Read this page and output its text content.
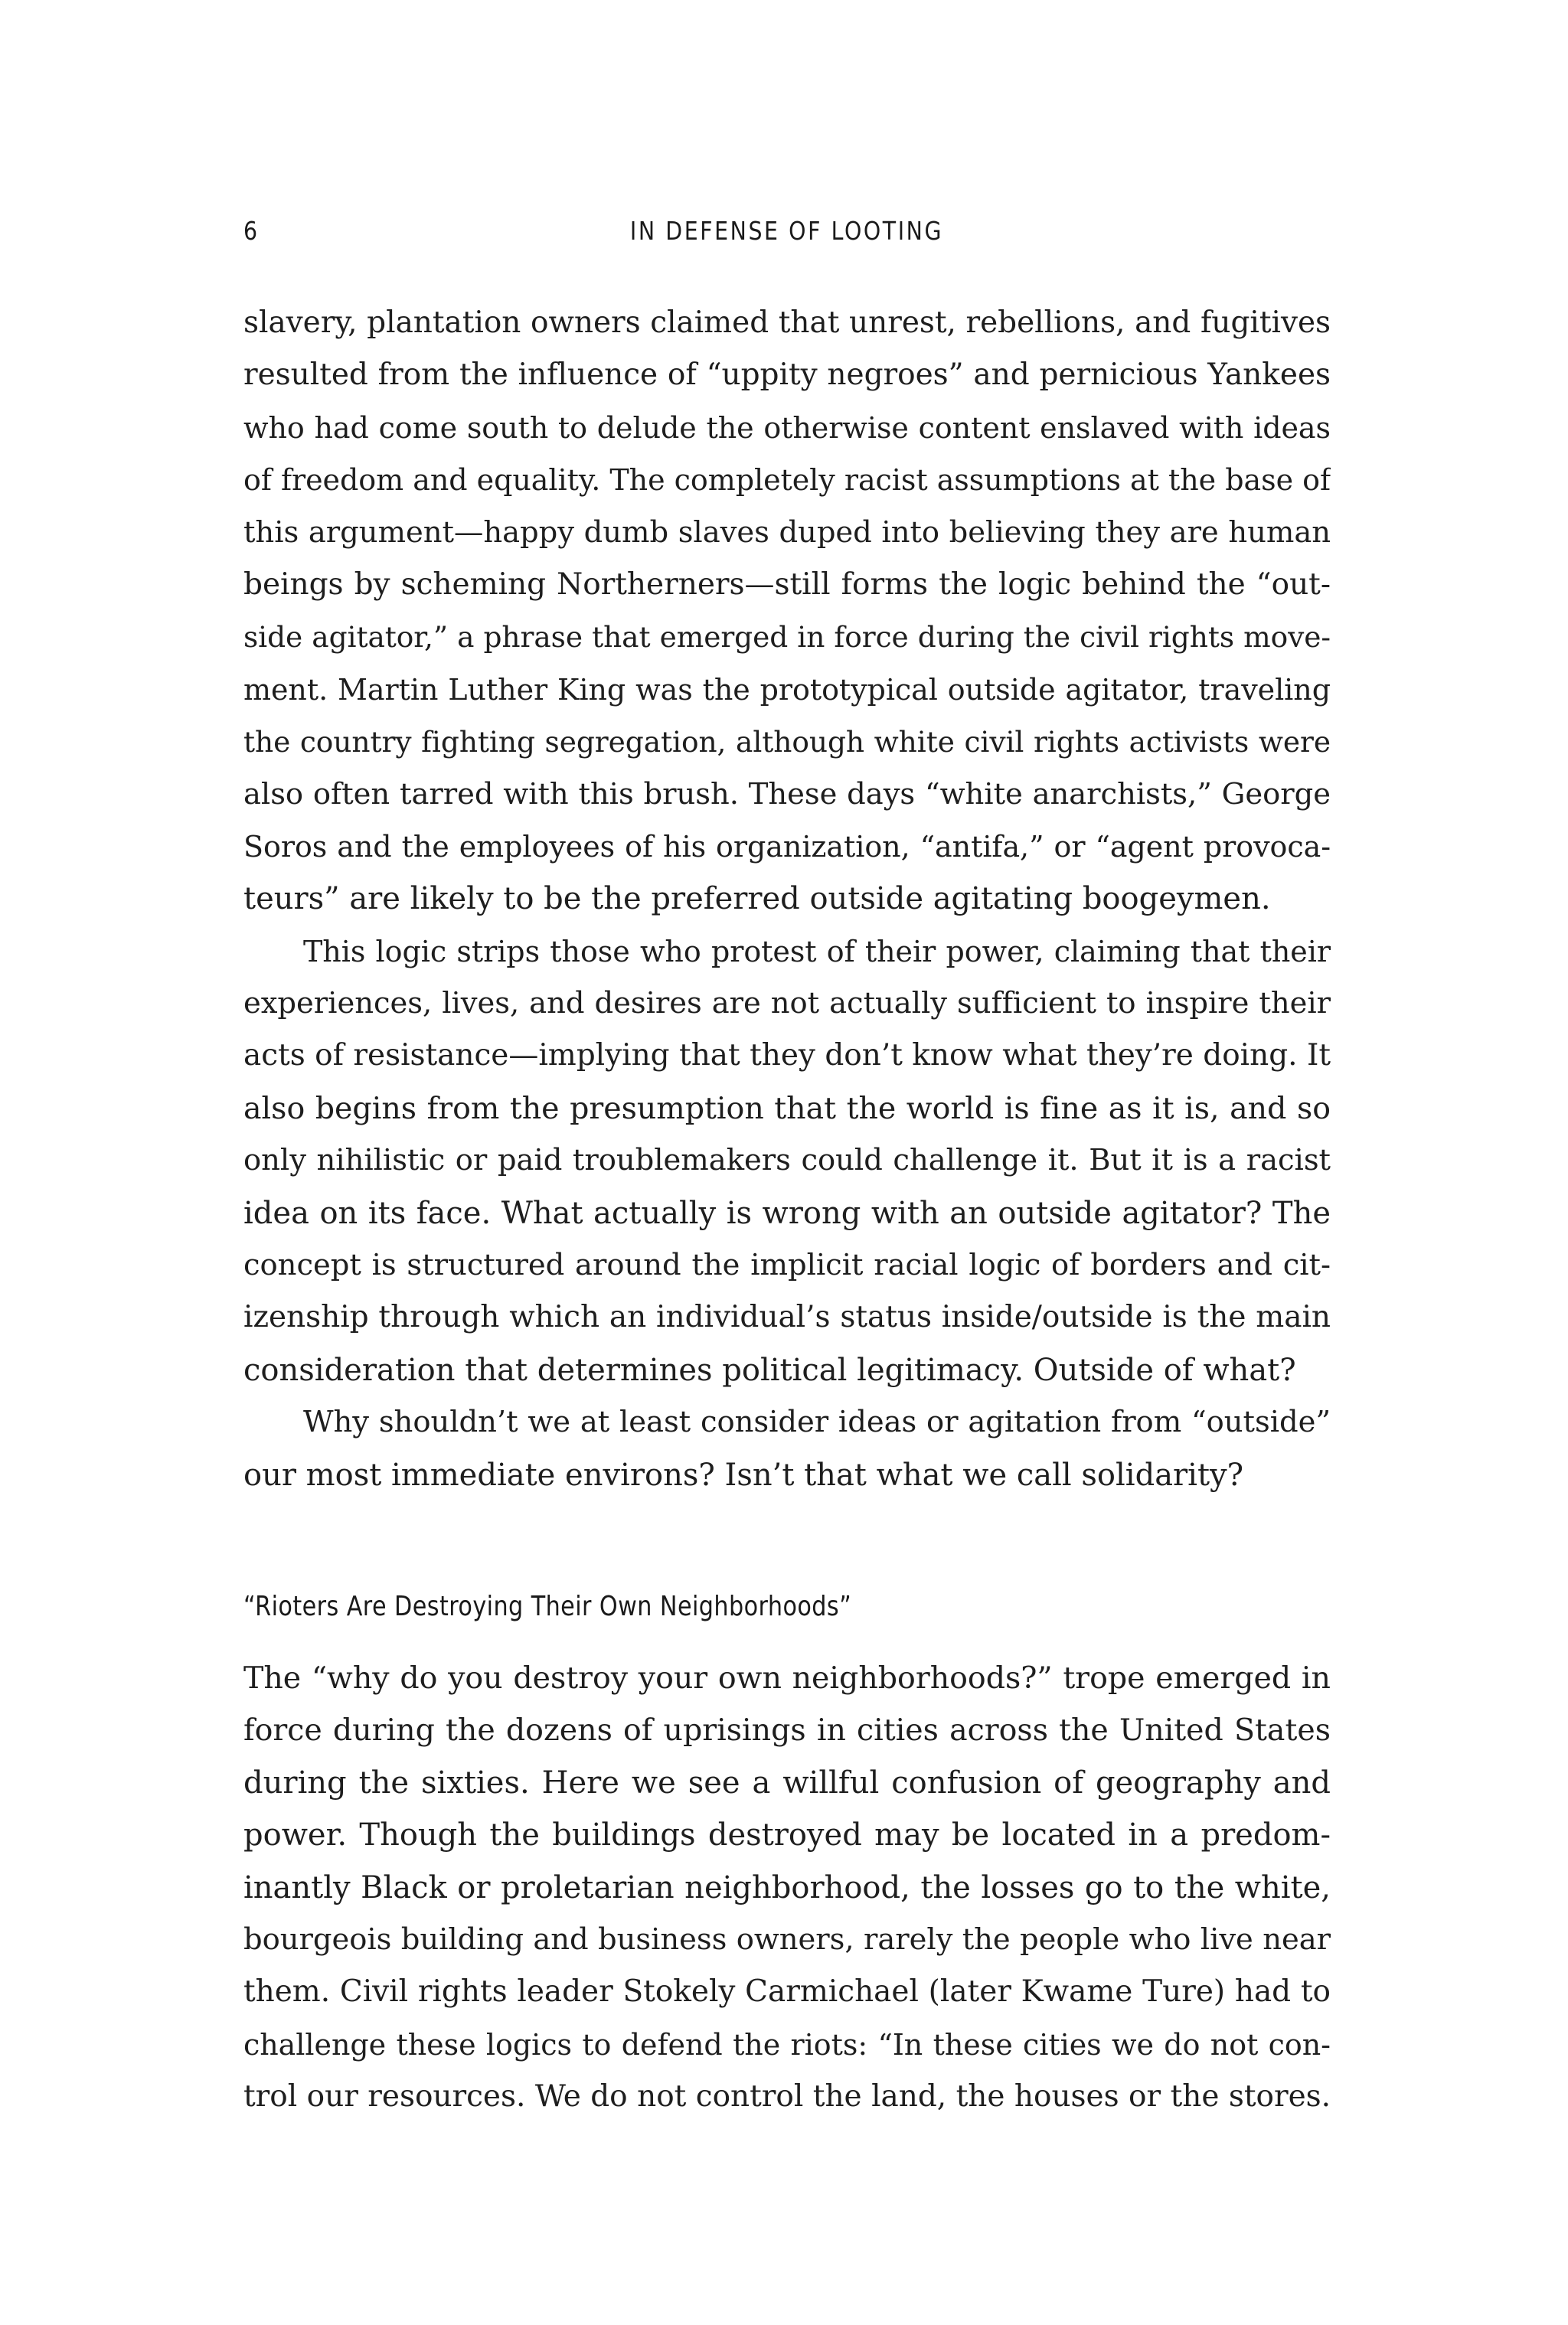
6	IN DEFENSE OF LOOTING
slavery, plantation owners claimed that unrest, rebellions, and fugitives
resulted from the influence of “uppity negroes” and pernicious Yankees
who had come south to delude the otherwise content enslaved with ideas
of freedom and equality. The completely racist assumptions at the base of
this argument—happy dumb slaves duped into believing they are human
beings by scheming Northerners—still forms the logic behind the “out-
side agitator,” a phrase that emerged in force during the civil rights move-
ment. Martin Luther King was the prototypical outside agitator, traveling
the country fighting segregation, although white civil rights activists were
also often tarred with this brush. These days “white anarchists,” George
Soros and the employees of his organization, “antifa,” or “agent provoca-
teurs” are likely to be the preferred outside agitating boogeymen.
This logic strips those who protest of their power, claiming that their
experiences, lives, and desires are not actually sufficient to inspire their
acts of resistance—implying that they don’t know what they’re doing. It
also begins from the presumption that the world is fine as it is, and so
only nihilistic or paid troublemakers could challenge it. But it is a racist
idea on its face. What actually is wrong with an outside agitator? The
concept is structured around the implicit racial logic of borders and cit-
izenship through which an individual’s status inside/outside is the main
consideration that determines political legitimacy. Outside of what?
Why shouldn’t we at least consider ideas or agitation from “outside”
our most immediate environs? Isn’t that what we call solidarity?
“Rioters Are Destroying Their Own Neighborhoods”
The “why do you destroy your own neighborhoods?” trope emerged in
force during the dozens of uprisings in cities across the United States
during the sixties. Here we see a willful confusion of geography and
power. Though the buildings destroyed may be located in a predom-
inantly Black or proletarian neighborhood, the losses go to the white,
bourgeois building and business owners, rarely the people who live near
them. Civil rights leader Stokely Carmichael (later Kwame Ture) had to
challenge these logics to defend the riots: “In these cities we do not con-
trol our resources. We do not control the land, the houses or the stores.
